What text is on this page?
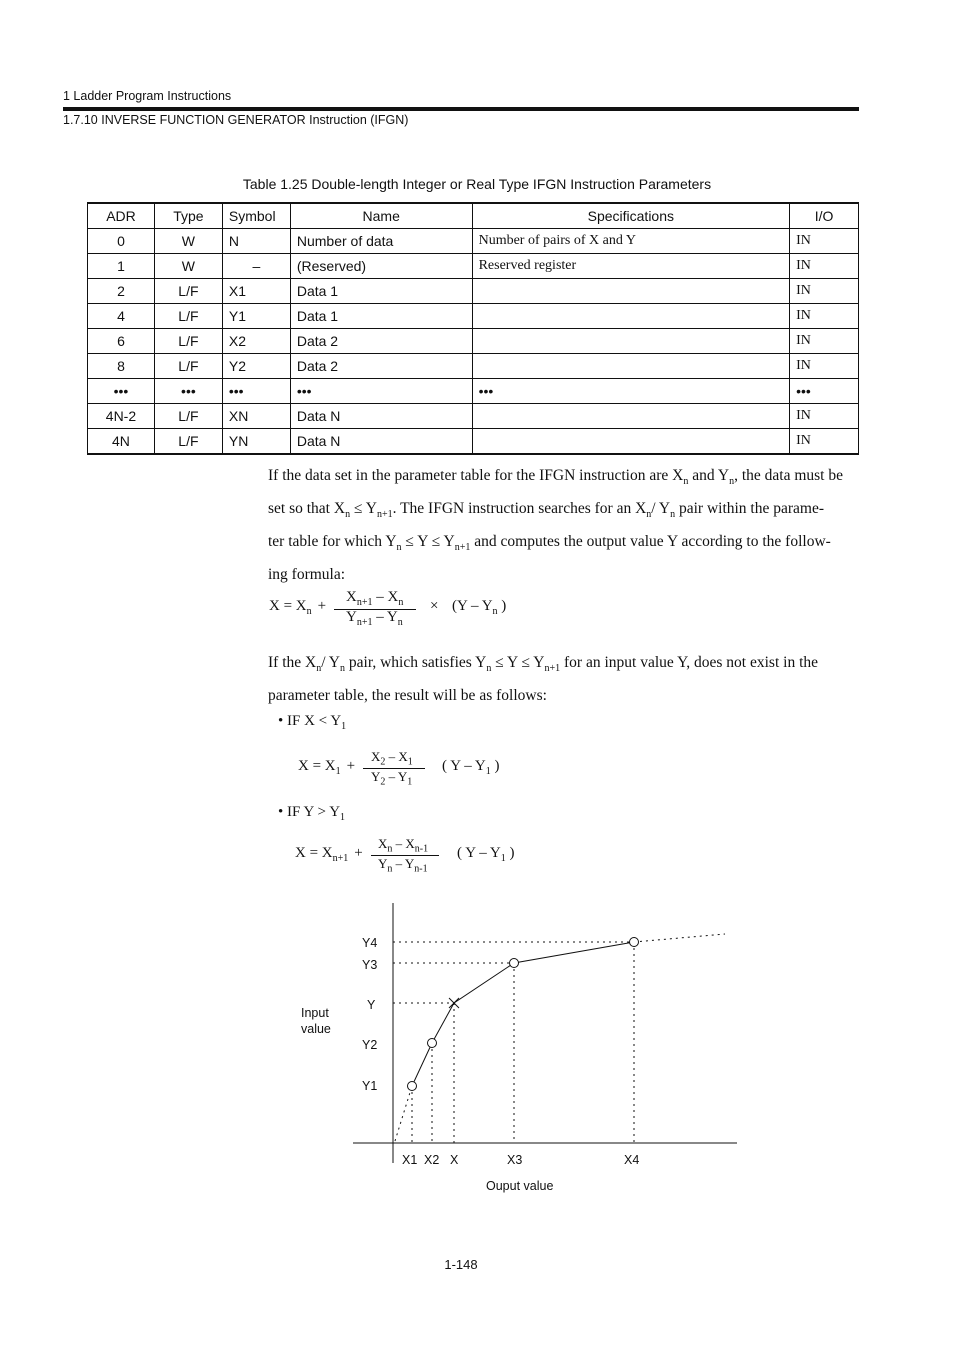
1 Ladder Program Instructions
1.7.10 INVERSE FUNCTION GENERATOR Instruction (IFGN)
Table 1.25 Double-length Integer or Real Type IFGN Instruction Parameters
ADR	Type	Symbol	Name	Specifications	I/O
0	W	N	Number of data	Number of pairs of X and Y	IN
1	W	–	(Reserved)	Reserved register	IN
2	L/F	X1	Data 1		IN
4	L/F	Y1	Data 1		IN
6	L/F	X2	Data 2		IN
8	L/F	Y2	Data 2		IN
•••	•••	•••	•••	•••	•••
4N-2	L/F	XN	Data N		IN
4N	L/F	YN	Data N		IN
If the data set in the parameter table for the IFGN instruction are $X_n$ and $Y_n$, the data must be
set so that $X_n \le Y_{n+1}$. The IFGN instruction searches for an $X_n/$ $Y_n$ pair within the parame-
ter table for which $Y_n \le Y \le Y_{n+1}$ and computes the output value Y according to the follow-
ing formula:
$X = X_n$ +
$X_{n+1} - X_n$
$Y_{n+1} - Y_n$
× ($Y - Y_n$ )
If the $X_n/$ $Y_n$ pair, which satisfies $Y_n \le Y \le Y_{n+1}$ for an input value Y, does not exist in the
parameter table, the result will be as follows:
• IF $X < Y_1$
$X = X_1$ +
$X_2 - X_1$
$Y_2 - Y_1$
( Y – $Y_1$ )
• IF $Y > Y_1$
$X = X_{n+1}$ +
$X_n - X_{n-1}$
$Y_n - Y_{n-1}$
( Y – $Y_1$ )
Y4
Y3
Y
Y2
Y1
X1 X2 X	X3	X4
Input
value
Ouput value
1-148
